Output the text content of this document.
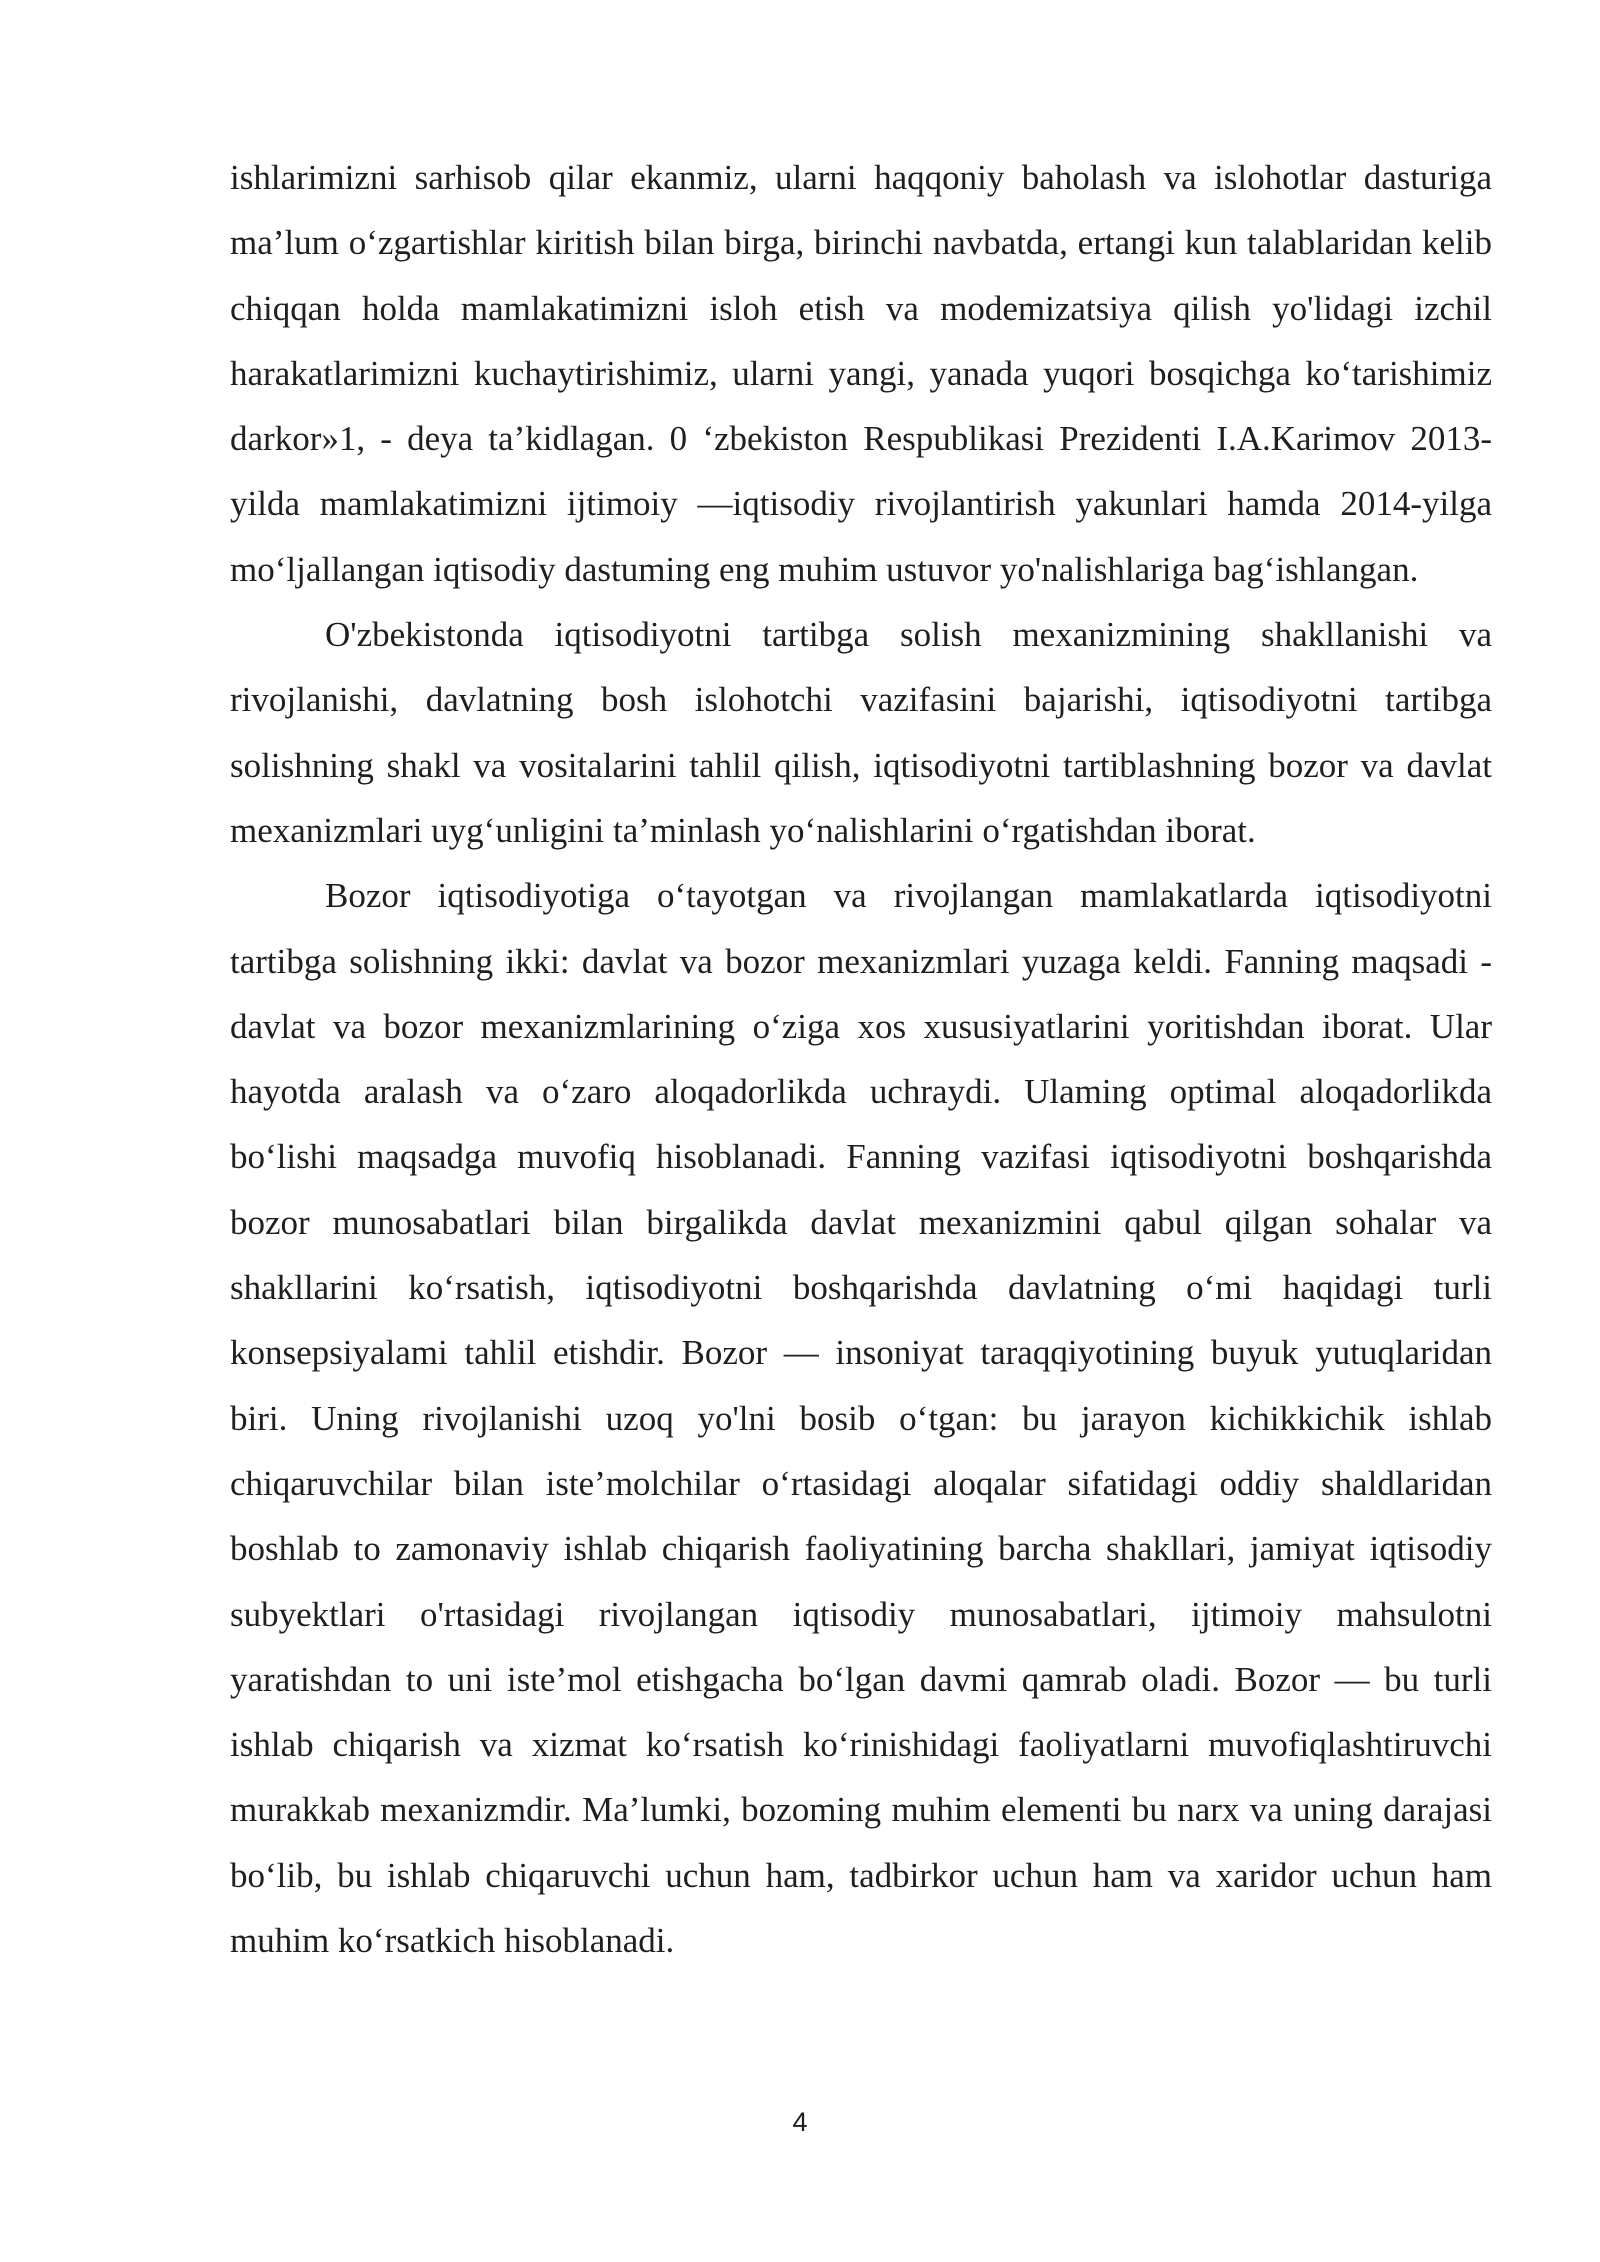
ishlarimizni sarhisob qilar ekanmiz, ularni haqqoniy baholash va islohotlar dasturiga ma’lum o‘zgartishlar kiritish bilan birga, birinchi navbatda, ertangi kun talablaridan kelib chiqqan holda mamlakatimizni isloh etish va modemizatsiya qilish yo'lidagi izchil harakatlarimizni kuchaytirishimiz, ularni yangi, yanada yuqori bosqichga ko‘tarishimiz darkor»1, - deya ta’kidlagan. 0 ‘zbekiston Respublikasi Prezidenti I.A.Karimov 2013-yilda mamlakatimizni ijtimoiy —iqtisodiy rivojlantirish yakunlari hamda 2014-yilga mo‘ljallangan iqtisodiy dastuming eng muhim ustuvor yo'nalishlariga bag‘ishlangan.

O'zbekistonda iqtisodiyotni tartibga solish mexanizmining shakllanishi va rivojlanishi, davlatning bosh islohotchi vazifasini bajarishi, iqtisodiyotni tartibga solishning shakl va vositalarini tahlil qilish, iqtisodiyotni tartiblashning bozor va davlat mexanizmlari uyg‘unligini ta’minlash yo‘nalishlarini o‘rgatishdan iborat.

Bozor iqtisodiyotiga o‘tayotgan va rivojlangan mamlakatlarda iqtisodiyotni tartibga solishning ikki: davlat va bozor mexanizmlari yuzaga keldi. Fanning maqsadi - davlat va bozor mexanizmlarining o‘ziga xos xususiyatlarini yoritishdan iborat. Ular hayotda aralash va o‘zaro aloqadorlikda uchraydi. Ulaming optimal aloqadorlikda bo‘lishi maqsadga muvofiq hisoblanadi. Fanning vazifasi iqtisodiyotni boshqarishda bozor munosabatlari bilan birgalikda davlat mexanizmini qabul qilgan sohalar va shakllarini ko‘rsatish, iqtisodiyotni boshqarishda davlatning o‘mi haqidagi turli konsepsiyalami tahlil etishdir. Bozor — insoniyat taraqqiyotining buyuk yutuqlaridan biri. Uning rivojlanishi uzoq yo'lni bosib o‘tgan: bu jarayon kichikkichik ishlab chiqaruvchilar bilan iste’molchilar o‘rtasidagi aloqalar sifatidagi oddiy shaldlaridan boshlab to zamonaviy ishlab chiqarish faoliyatining barcha shakllari, jamiyat iqtisodiy subyektlari o'rtasidagi rivojlangan iqtisodiy munosabatlari, ijtimoiy mahsulotni yaratishdan to uni iste’mol etishgacha bo‘lgan davmi qamrab oladi. Bozor — bu turli ishlab chiqarish va xizmat ko‘rsatish ko‘rinishidagi faoliyatlarni muvofiqlashtiruvchi murakkab mexanizmdir. Ma’lumki, bozoming muhim elementi bu narx va uning darajasi bo‘lib, bu ishlab chiqaruvchi uchun ham, tadbirkor uchun ham va xaridor uchun ham muhim ko‘rsatkich hisoblanadi.

4
